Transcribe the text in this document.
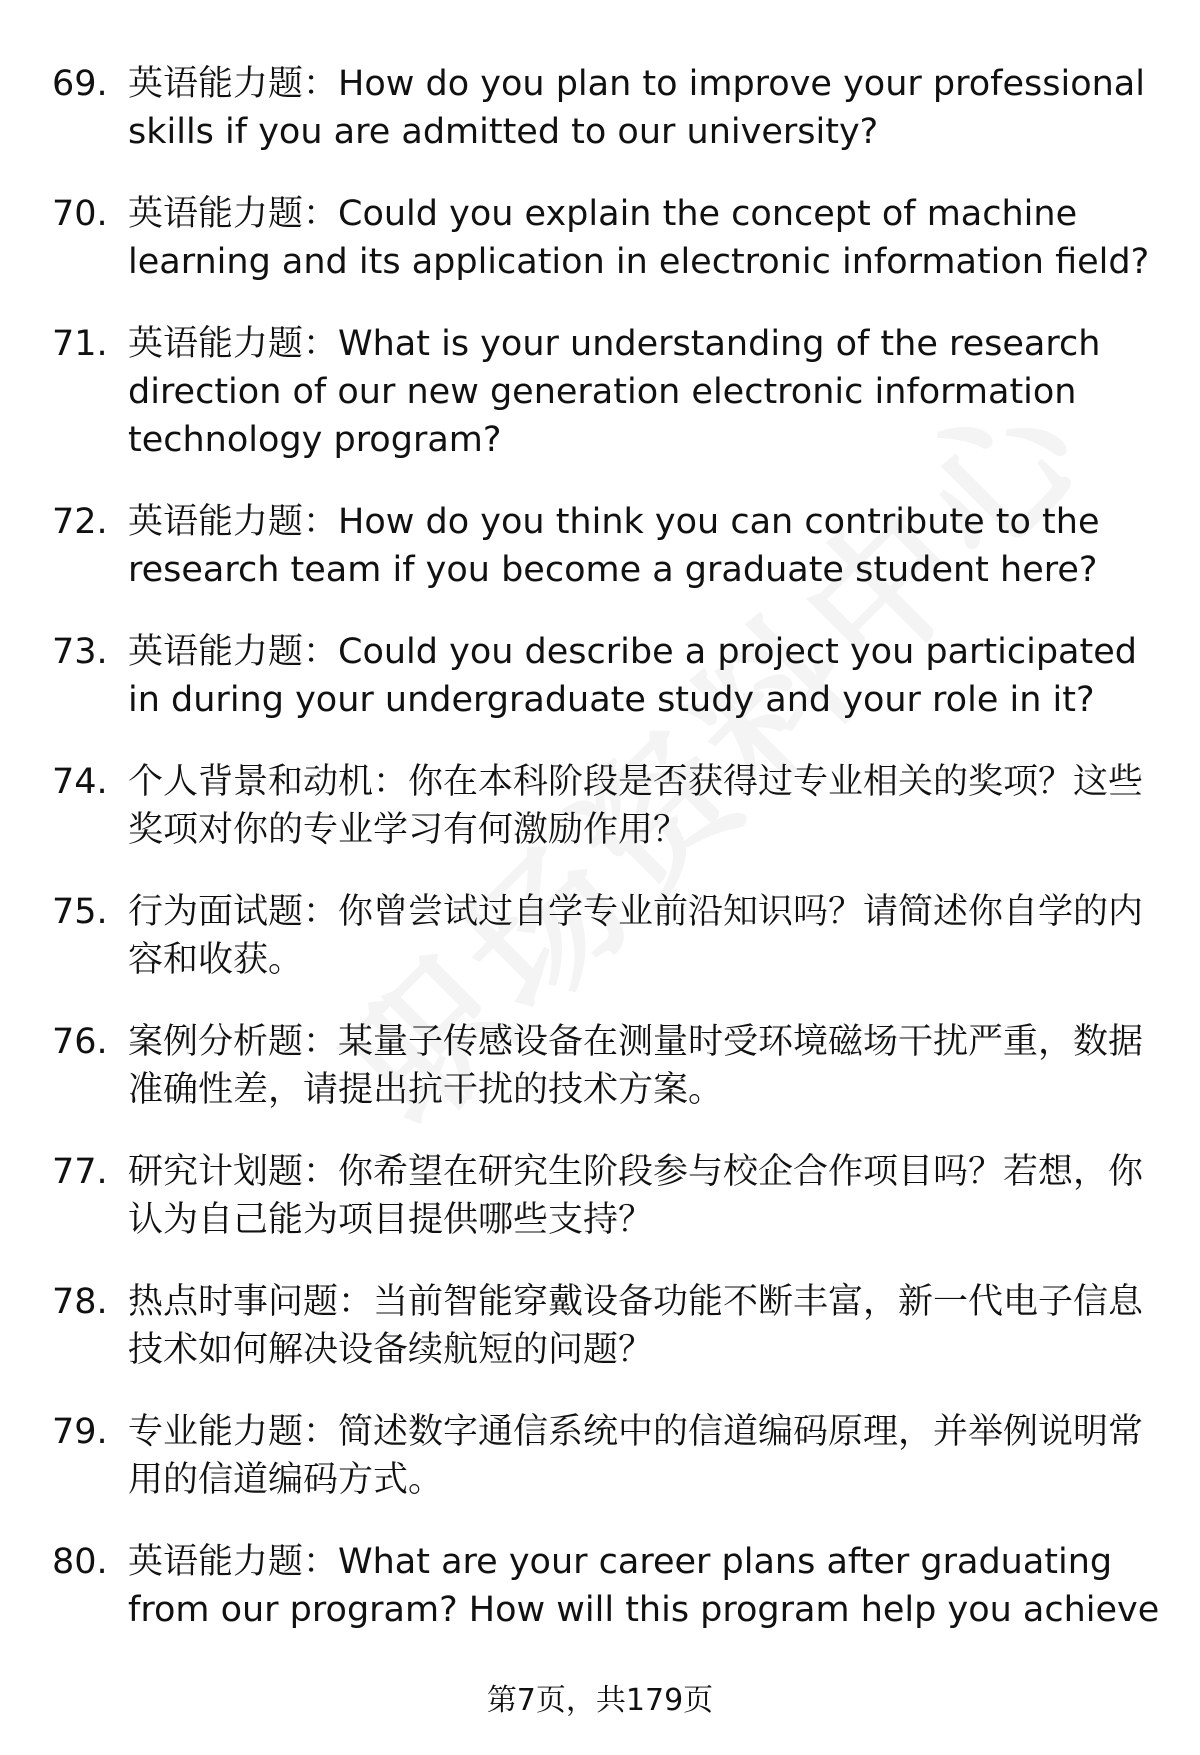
69. 英语能力题：How do you plan to improve your professional skills if you are admitted to our university?
70. 英语能力题：Could you explain the concept of machine learning and its application in electronic information field?
71. 英语能力题：What is your understanding of the research direction of our new generation electronic information technology program?
72. 英语能力题：How do you think you can contribute to the research team if you become a graduate student here?
73. 英语能力题：Could you describe a project you participated in during your undergraduate study and your role in it?
74. 个人背景和动机：你在本科阶段是否获得过专业相关的奖项？这些奖项对你的专业学习有何激励作用？
75. 行为面试题：你曾尝试过自学专业前沿知识吗？请简述你自学的内容和收获。
76. 案例分析题：某量子传感设备在测量时受环境磁场干扰严重，数据准确性差，请提出抗干扰的技术方案。
77. 研究计划题：你希望在研究生阶段参与校企合作项目吗？若想，你认为自己能为项目提供哪些支持？
78. 热点时事问题：当前智能穿戴设备功能不断丰富，新一代电子信息技术如何解决设备续航短的问题？
79. 专业能力题：简述数字通信系统中的信道编码原理，并举例说明常用的信道编码方式。
80. 英语能力题：What are your career plans after graduating from our program? How will this program help you achieve
第7页，共179页
